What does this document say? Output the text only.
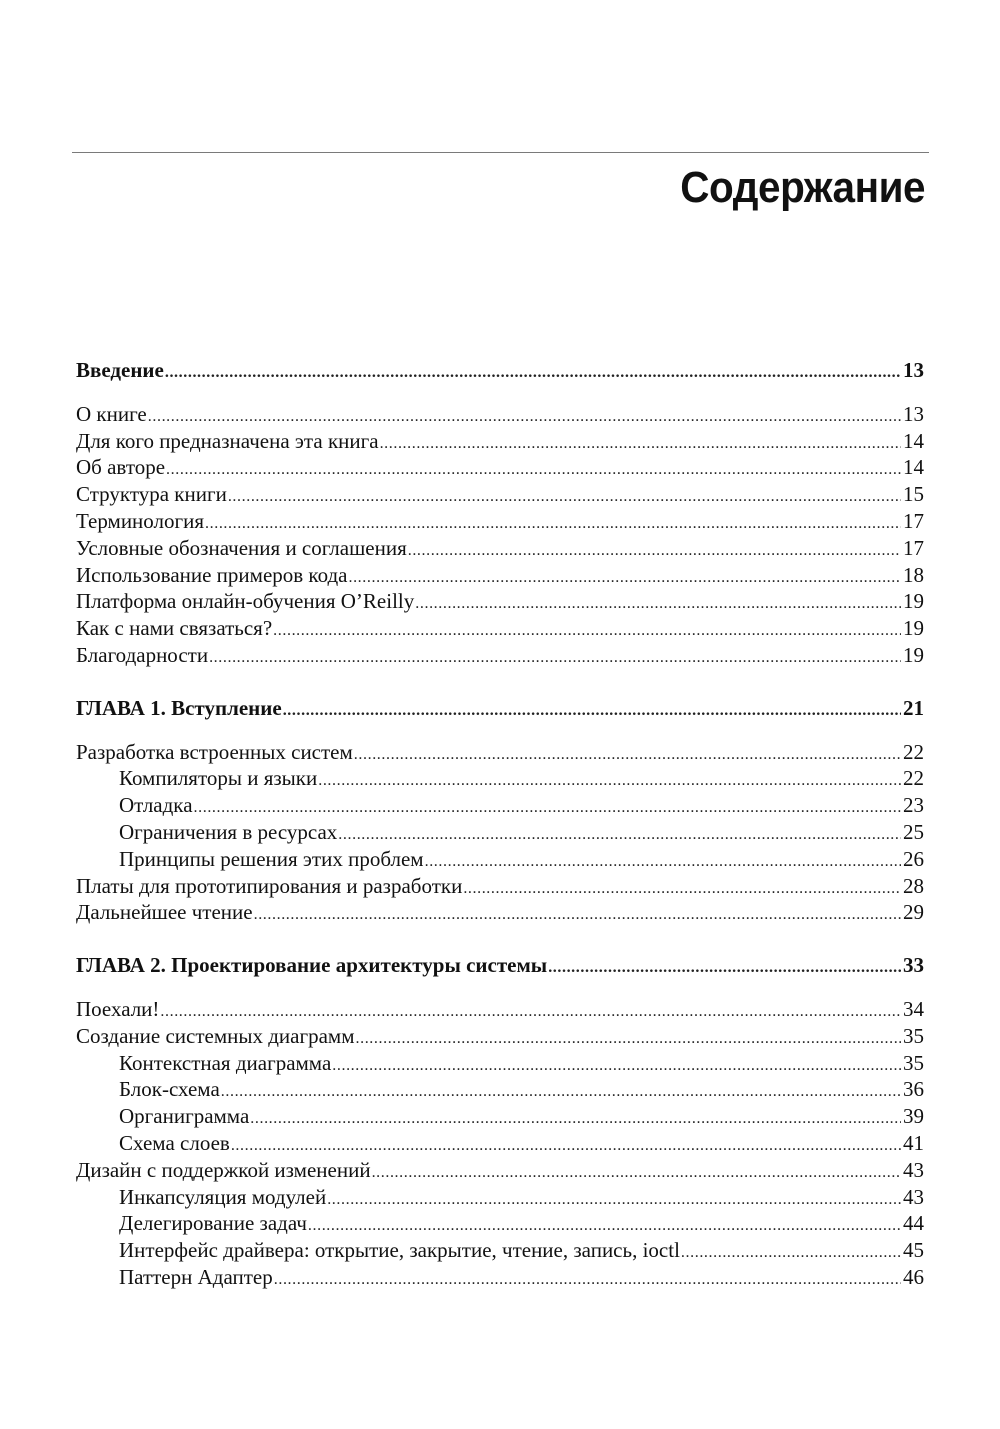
Содержание
Введение .....	13
О книге .....	13
Для кого предназначена эта книга .....	14
Об авторе .....	14
Структура книги .....	15
Терминология .....	17
Условные обозначения и соглашения .....	17
Использование примеров кода .....	18
Платформа онлайн-обучения O’Reilly .....	19
Как с нами связаться? .....	19
Благодарности .....	19
ГЛАВА 1. Вступление .....	21
Разработка встроенных систем .....	22
Компиляторы и языки .....	22
Отладка .....	23
Ограничения в ресурсах .....	25
Принципы решения этих проблем .....	26
Платы для прототипирования и разработки .....	28
Дальнейшее чтение .....	29
ГЛАВА 2. Проектирование архитектуры системы .....	33
Поехали! .....	34
Создание системных диаграмм .....	35
Контекстная диаграмма .....	35
Блок-схема .....	36
Органиграмма .....	39
Схема слоев .....	41
Дизайн с поддержкой изменений .....	43
Инкапсуляция модулей .....	43
Делегирование задач .....	44
Интерфейс драйвера: открытие, закрытие, чтение, запись, ioctl .....	45
Паттерн Адаптер .....	46
